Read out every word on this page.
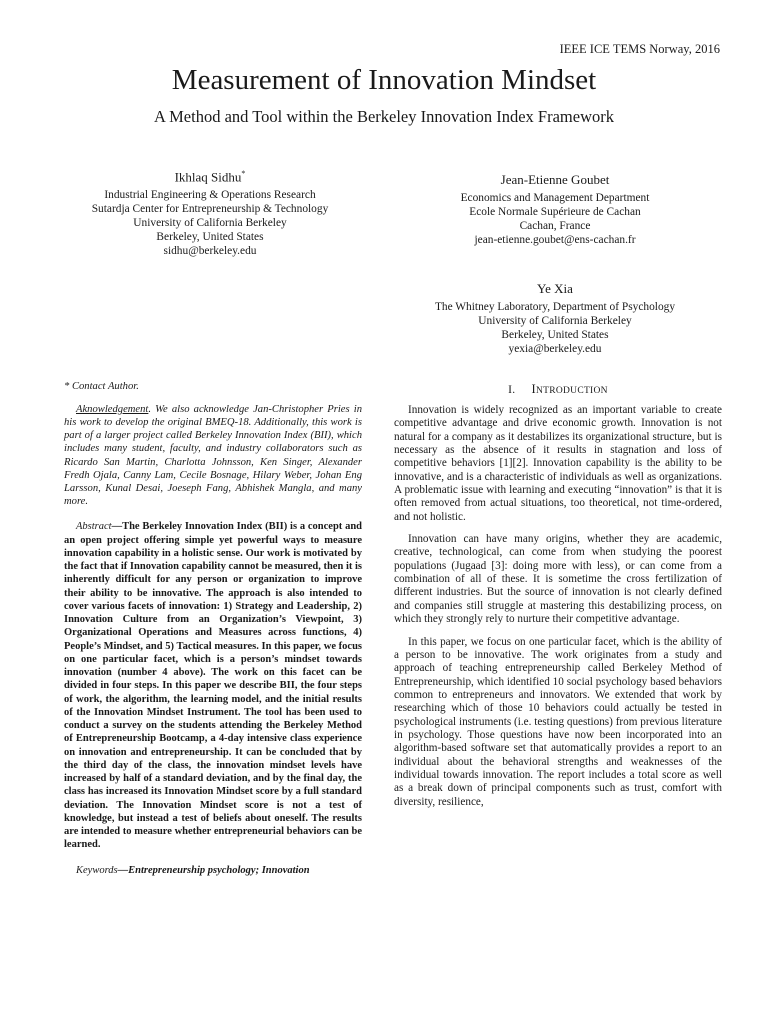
IEEE ICE TEMS Norway, 2016
Measurement of Innovation Mindset
A Method and Tool within the Berkeley Innovation Index Framework
Ikhlaq Sidhu*
Industrial Engineering & Operations Research
Sutardja Center for Entrepreneurship & Technology
University of California Berkeley
Berkeley, United States
sidhu@berkeley.edu
Jean-Etienne Goubet
Economics and Management Department
Ecole Normale Supérieure de Cachan
Cachan, France
jean-etienne.goubet@ens-cachan.fr
Ye Xia
The Whitney Laboratory, Department of Psychology
University of California Berkeley
Berkeley, United States
yexia@berkeley.edu

* Contact Author.

Aknowledgement. We also acknowledge Jan-Christopher Pries in his work to develop the original BMEQ-18. Additionally, this work is part of a larger project called Berkeley Innovation Index (BII), which includes many student, faculty, and industry collaborators such as Ricardo San Martin, Charlotta Johnsson, Ken Singer, Alexander Fredh Ojala, Canny Lam, Cecile Bosnage, Hilary Weber, Johan Eng Larsson, Kunal Desai, Joeseph Fang, Abhishek Mangla, and many more.

Abstract—The Berkeley Innovation Index (BII) is a concept and an open project offering simple yet powerful ways to measure innovation capability in a holistic sense. Our work is motivated by the fact that if Innovation capability cannot be measured, then it is inherently difficult for any person or organization to improve their ability to be innovative. The approach is also intended to cover various facets of innovation: 1) Strategy and Leadership, 2) Innovation Culture from an Organization’s Viewpoint, 3) Organizational Operations and Measures across functions, 4) People’s Mindset, and 5) Tactical measures. In this paper, we focus on one particular facet, which is a person’s mindset towards innovation (number 4 above). The work on this facet can be divided in four steps. In this paper we describe BII, the four steps of work, the algorithm, the learning model, and the initial results of the Innovation Mindset Instrument. The tool has been used to conduct a survey on the students attending the Berkeley Method of Entrepreneurship Bootcamp, a 4-day intensive class experience on innovation and entrepreneurship. It can be concluded that by the third day of the class, the innovation mindset levels have increased by half of a standard deviation, and by the final day, the class has increased its Innovation Mindset score by a full standard deviation. The Innovation Mindset score is not a test of knowledge, but instead a test of beliefs about oneself. The results are intended to measure whether entrepreneurial behaviors can be learned.

Keywords—Entrepreneurship psychology; Innovation

I. INTRODUCTION

Innovation is widely recognized as an important variable to create competitive advantage and drive economic growth. Innovation is not natural for a company as it destabilizes its organizational structure, but is necessary as the absence of it results in stagnation and loss of competitive behaviors [1][2]. Innovation capability is the ability to be innovative, and is a characteristic of individuals as well as organizations. A problematic issue with learning and executing “innovation” is that it is often removed from actual situations, too theoretical, not time-ordered, and not holistic.

Innovation can have many origins, whether they are academic, creative, technological, can come from when studying the poorest populations (Jugaad [3]: doing more with less), or can come from a combination of all of these. It is sometime the cross fertilization of different industries. But the source of innovation is not clearly defined and companies still struggle at mastering this destabilizing process, on which they strongly rely to nurture their competitive advantage.

In this paper, we focus on one particular facet, which is the ability of a person to be innovative. The work originates from a study and approach of teaching entrepreneurship called Berkeley Method of Entrepreneurship, which identified 10 social psychology based behaviors common to entrepreneurs and innovators. We extended that work by researching which of those 10 behaviors could actually be tested in psychological instruments (i.e. testing questions) from previous literature in psychology. Those questions have now been incorporated into an algorithm-based software set that automatically provides a report to an individual about the behavioral strengths and weaknesses of the individual towards innovation. The report includes a total score as well as a break down of principal components such as trust, comfort with diversity, resilience,
